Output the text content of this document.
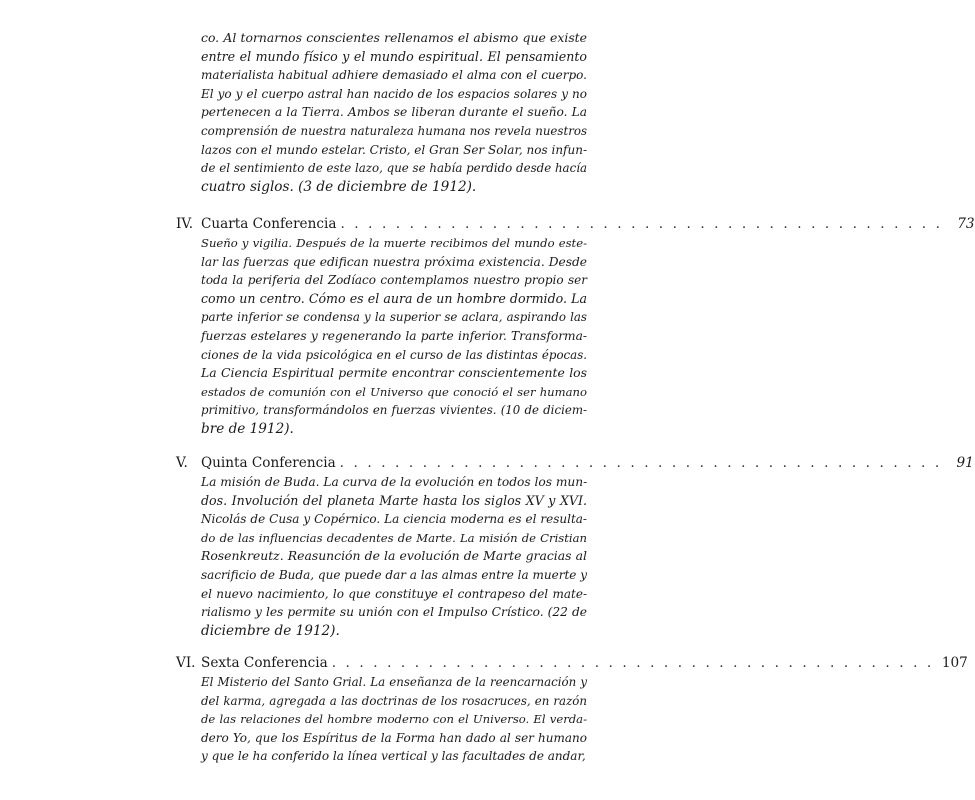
co. Al tornarnos conscientes rellenamos el abismo que existe
entre el mundo físico y el mundo espiritual. El pensamiento
materialista habitual adhiere demasiado el alma con el cuerpo.
El yo y el cuerpo astral han nacido de los espacios solares y no
pertenecen a la Tierra. Ambos se liberan durante el sueño. La
comprensión de nuestra naturaleza humana nos revela nuestros
lazos con el mundo estelar. Cristo, el Gran Ser Solar, nos infun-
de el sentimiento de este lazo, que se había perdido desde hacía
cuatro siglos. (3 de diciembre de 1912).
IV. Cuarta Conferencia . . . . . . . . . . . . . . . . . . . . . . . . . . . . . . . . . . . . . . . . . . . .	73
Sueño y vigilia. Después de la muerte recibimos del mundo este-
lar las fuerzas que edifican nuestra próxima existencia. Desde
toda la periferia del Zodíaco contemplamos nuestro propio ser
como un centro. Cómo es el aura de un hombre dormido. La
parte inferior se condensa y la superior se aclara, aspirando las
fuerzas estelares y regenerando la parte inferior. Transforma-
ciones de la vida psicológica en el curso de las distintas épocas.
La Ciencia Espiritual permite encontrar conscientemente los
estados de comunión con el Universo que conoció el ser humano
primitivo, transformándolos en fuerzas vivientes. (10 de diciem-
bre de 1912).
V. Quinta Conferencia . . . . . . . . . . . . . . . . . . . . . . . . . . . . . . . . . . . . . . . . . . . .	91
La misión de Buda. La curva de la evolución en todos los mun-
dos. Involución del planeta Marte hasta los siglos XV y XVI.
Nicolás de Cusa y Copérnico. La ciencia moderna es el resulta-
do de las influencias decadentes de Marte. La misión de Cristian
Rosenkreutz. Reasunción de la evolución de Marte gracias al
sacrificio de Buda, que puede dar a las almas entre la muerte y
el nuevo nacimiento, lo que constituye el contrapeso del mate-
rialismo y les permite su unión con el Impulso Crístico. (22 de
diciembre de 1912).
VI. Sexta Conferencia . . . . . . . . . . . . . . . . . . . . . . . . . . . . . . . . . . . . . . . . . . . . 107
El Misterio del Santo Grial. La enseñanza de la reencarnación y
del karma, agregada a las doctrinas de los rosacruces, en razón
de las relaciones del hombre moderno con el Universo. El verda-
dero Yo, que los Espíritus de la Forma han dado al ser humano
y que le ha conferido la línea vertical y las facultades de andar,
